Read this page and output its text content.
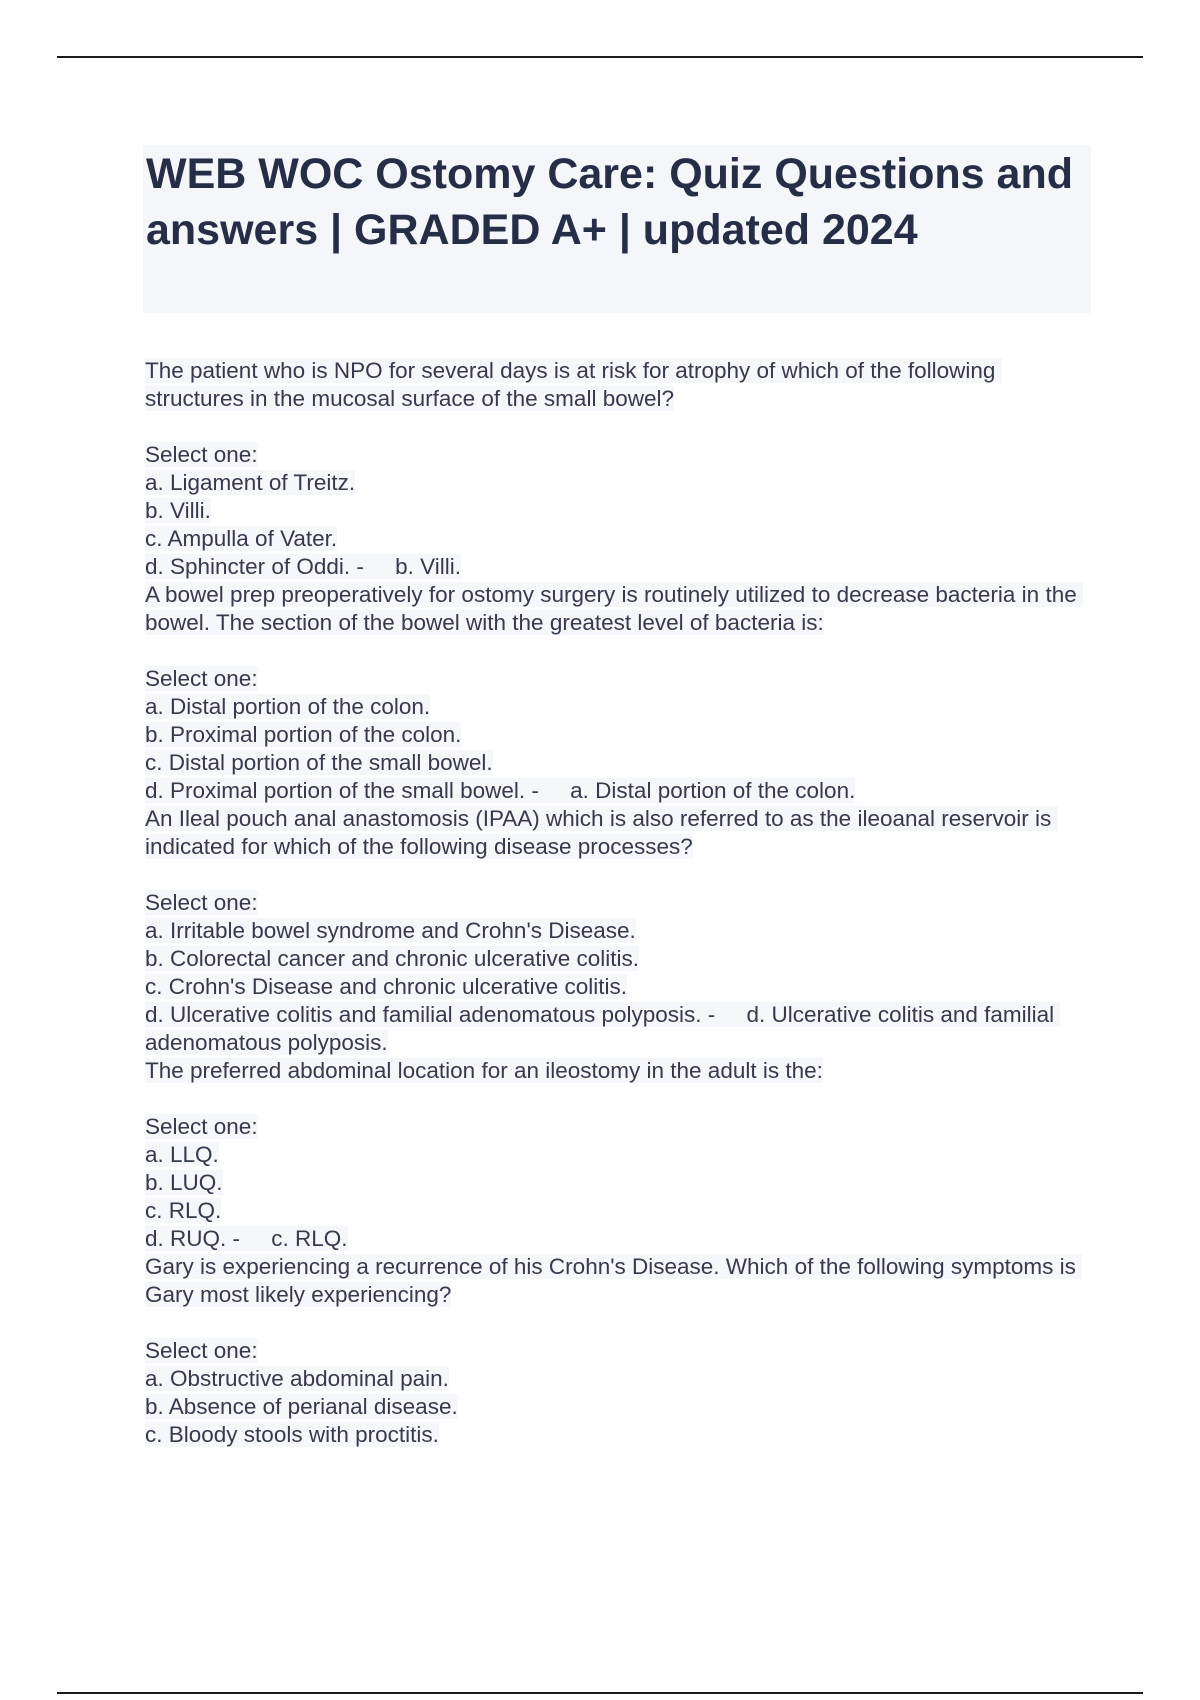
WEB WOC Ostomy Care: Quiz Questions and answers | GRADED A+ | updated 2024

The patient who is NPO for several days is at risk for atrophy of which of the following structures in the mucosal surface of the small bowel?

Select one:

a. Ligament of Treitz.

b. Villi.

c. Ampulla of Vater.

d. Sphincter of Oddi. -     b. Villi.

A bowel prep preoperatively for ostomy surgery is routinely utilized to decrease bacteria in the bowel. The section of the bowel with the greatest level of bacteria is:

Select one:

a. Distal portion of the colon.

b. Proximal portion of the colon.

c. Distal portion of the small bowel.

d. Proximal portion of the small bowel. -     a. Distal portion of the colon.

An Ileal pouch anal anastomosis (IPAA) which is also referred to as the ileoanal reservoir is indicated for which of the following disease processes?

Select one:

a. Irritable bowel syndrome and Crohn's Disease.

b. Colorectal cancer and chronic ulcerative colitis.

c. Crohn's Disease and chronic ulcerative colitis.

d. Ulcerative colitis and familial adenomatous polyposis. -     d. Ulcerative colitis and familial adenomatous polyposis.

The preferred abdominal location for an ileostomy in the adult is the:

Select one:

a. LLQ.

b. LUQ.

c. RLQ.

d. RUQ. -     c. RLQ.

Gary is experiencing a recurrence of his Crohn's Disease. Which of the following symptoms is Gary most likely experiencing?

Select one:

a. Obstructive abdominal pain.

b. Absence of perianal disease.

c. Bloody stools with proctitis.
